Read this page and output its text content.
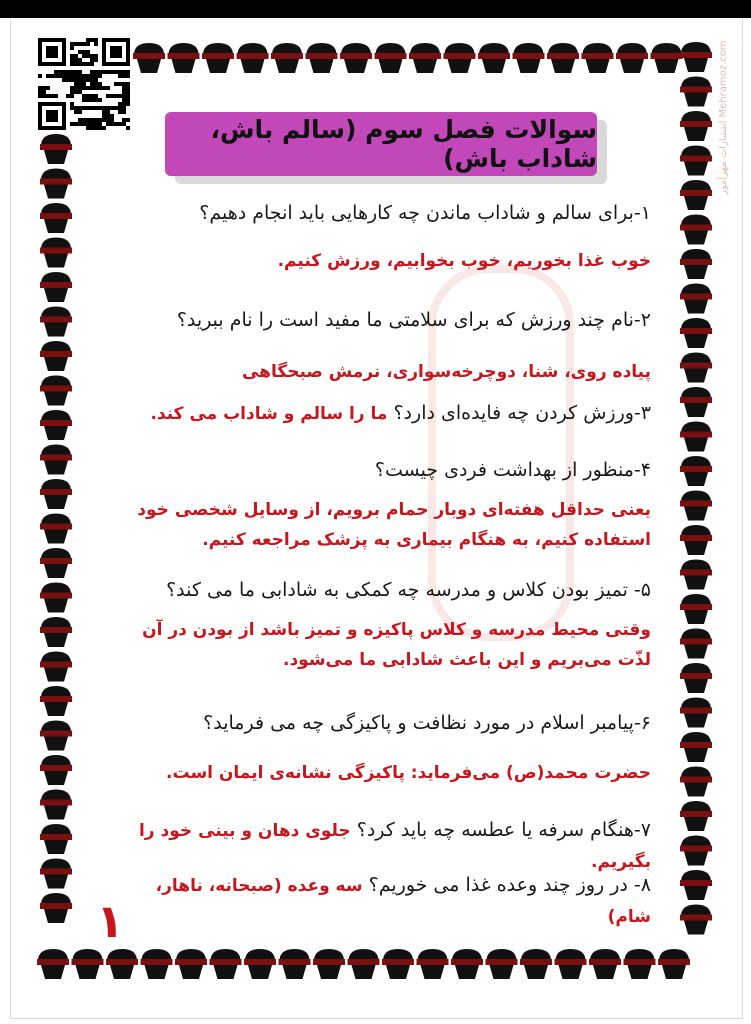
Mehramoz.com انتشارات مهرآموز
سوالات فصل سوم (سالم باش، شاداب باش)
۱-برای سالم و شاداب ماندن چه کارهایی باید انجام دهیم؟
خوب غذا بخوریم، خوب بخوابیم، ورزش کنیم.
۲-نام چند ورزش که برای سلامتی ما مفید است را نام ببرید؟
پیاده روی، شنا، دوچرخه‌سواری، نرمش صبحگاهی
۳-ورزش کردن چه فایده‌ای دارد؟ ما را سالم و شاداب می کند.
۴-منظور از بهداشت فردی چیست؟
یعنی حداقل هفته‌ای دوبار حمام برویم، از وسایل شخصی خود استفاده کنیم، به هنگام بیماری به پزشک مراجعه کنیم.
۵- تمیز بودن کلاس و مدرسه چه کمکی به شادابی ما می کند؟
وقتی محیط مدرسه و کلاس پاکیزه و تمیز باشد از بودن در آن لذّت می‌بریم و این باعث شادابی ما می‌شود.
۶-پیامبر اسلام در مورد نظافت و پاکیزگی چه می فرماید؟
حضرت محمد(ص) می‌فرماید: پاکیزگی نشانه‌ی ایمان است.
۷-هنگام سرفه یا عطسه چه باید کرد؟ جلوی دهان و بینی خود را بگیریم.
۸- در روز چند وعده غذا می خوریم؟ سه وعده (صبحانه، ناهار، شام)
۱
